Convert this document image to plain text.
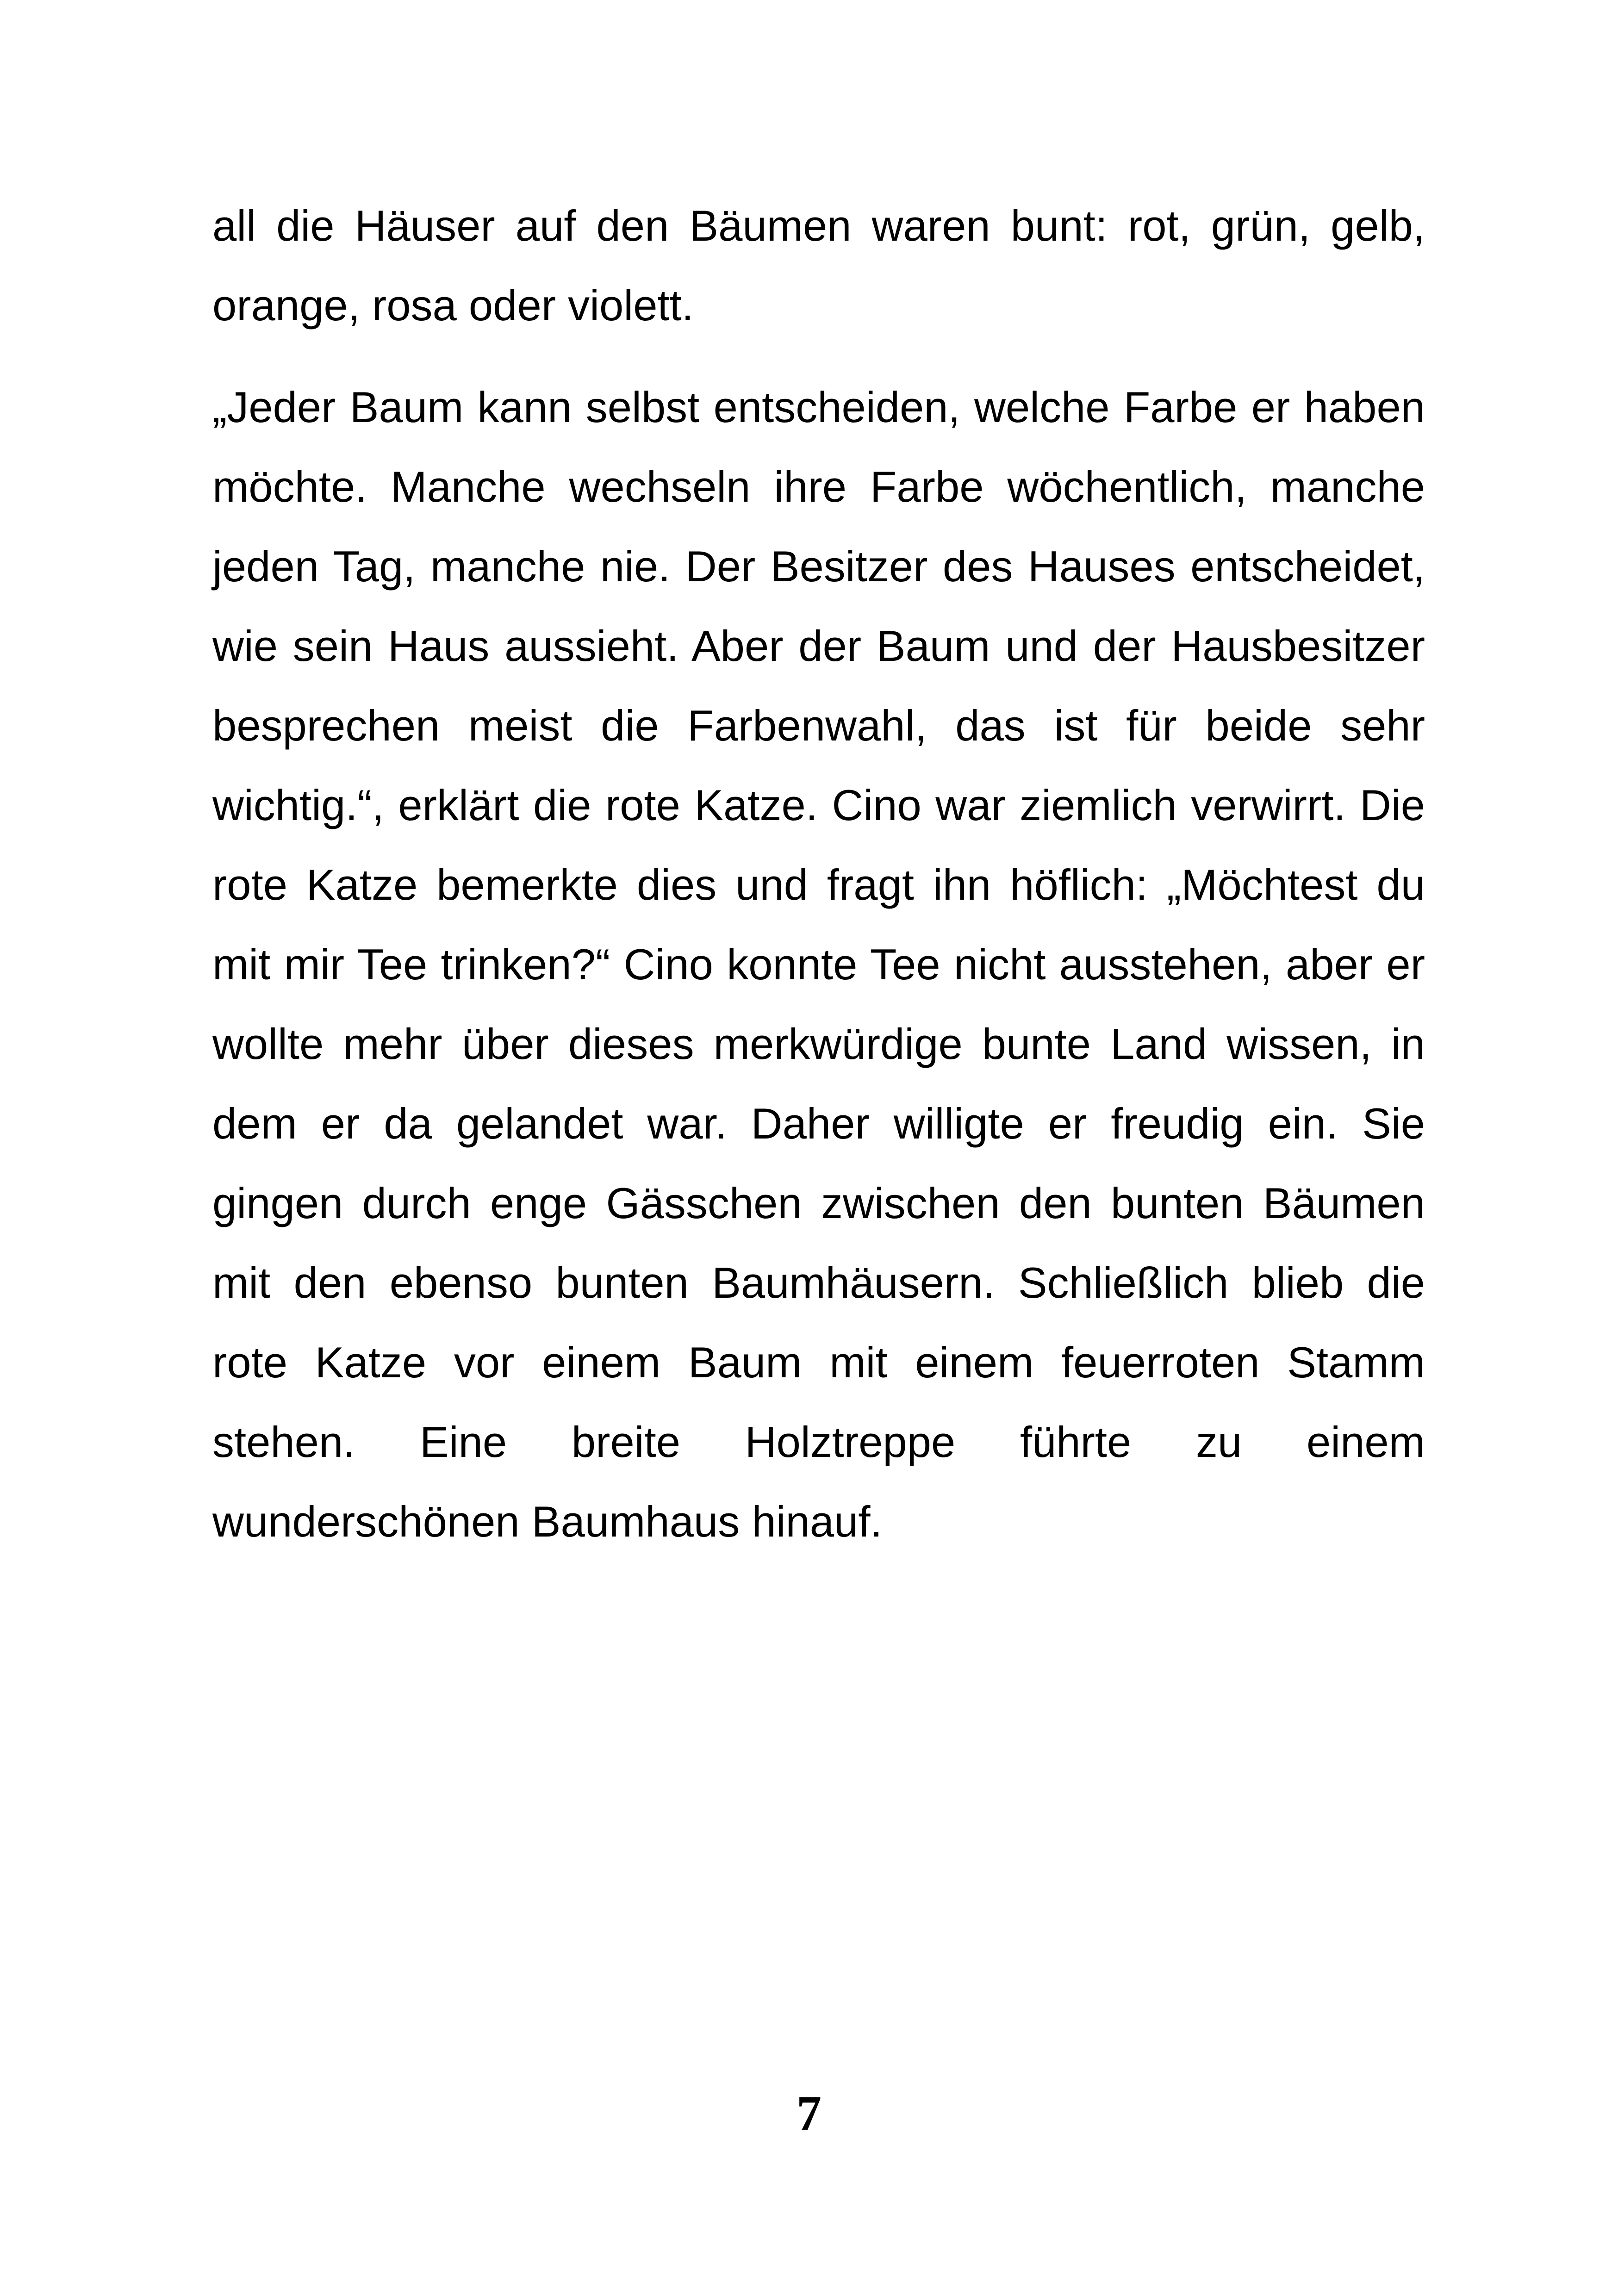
all die Häuser auf den Bäumen waren bunt: rot, grün, gelb, orange, rosa oder violett.

„Jeder Baum kann selbst entscheiden, welche Farbe er haben möchte. Manche wechseln ihre Farbe wöchentlich, manche jeden Tag, manche nie. Der Besitzer des Hauses entscheidet, wie sein Haus aussieht. Aber der Baum und der Hausbesitzer besprechen meist die Farbenwahl, das ist für beide sehr wichtig.“, erklärt die rote Katze. Cino war ziemlich verwirrt. Die rote Katze bemerkte dies und fragt ihn höflich: „Möchtest du mit mir Tee trinken?“ Cino konnte Tee nicht ausstehen, aber er wollte mehr über dieses merkwürdige bunte Land wissen, in dem er da gelandet war. Daher willigte er freudig ein. Sie gingen durch enge Gässchen zwischen den bunten Bäumen mit den ebenso bunten Baumhäusern. Schließlich blieb die rote Katze vor einem Baum mit einem feuerroten Stamm stehen. Eine breite Holztreppe führte zu einem wunderschönen Baumhaus hinauf.

7
